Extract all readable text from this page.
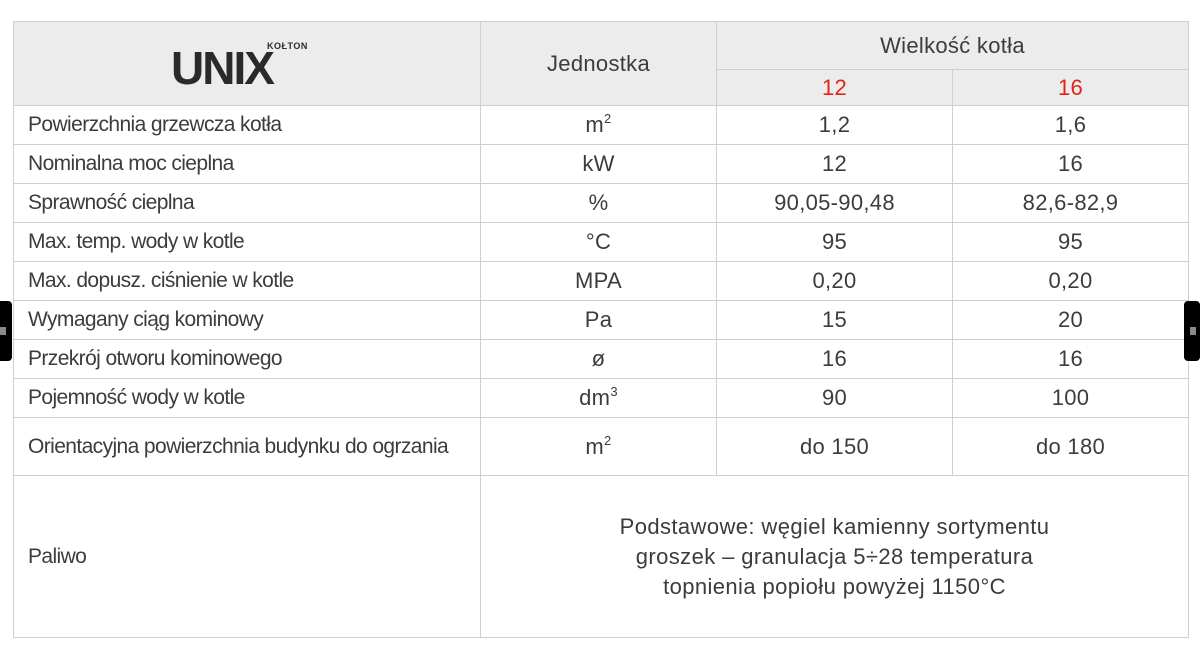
KOŁTON
UNIX	Jednostka	Wielkość kotła	
		12	16
Powierzchnia grzewcza kotła	$m^2$	1,2	1,6
Nominalna moc cieplna	kW	12	16
Sprawność cieplna	%	90,05-90,48	82,6-82,9
Max. temp. wody w kotle	°C	95	95
Max. dopusz. ciśnienie w kotle	MPA	0,20	0,20
Wymagany ciąg kominowy	Pa	15	20
Przekrój otworu kominowego	ø	16	16
Pojemność wody w kotle	$dm^3$	90	100
Orientacyjna powierzchnia budynku do ogrzania	$m^2$	do 150	do 180
Paliwo	Podstawowe: węgiel kamienny sortymentu
groszek – granulacja 5÷28 temperatura
topnienia popiołu powyżej 1150°C		
